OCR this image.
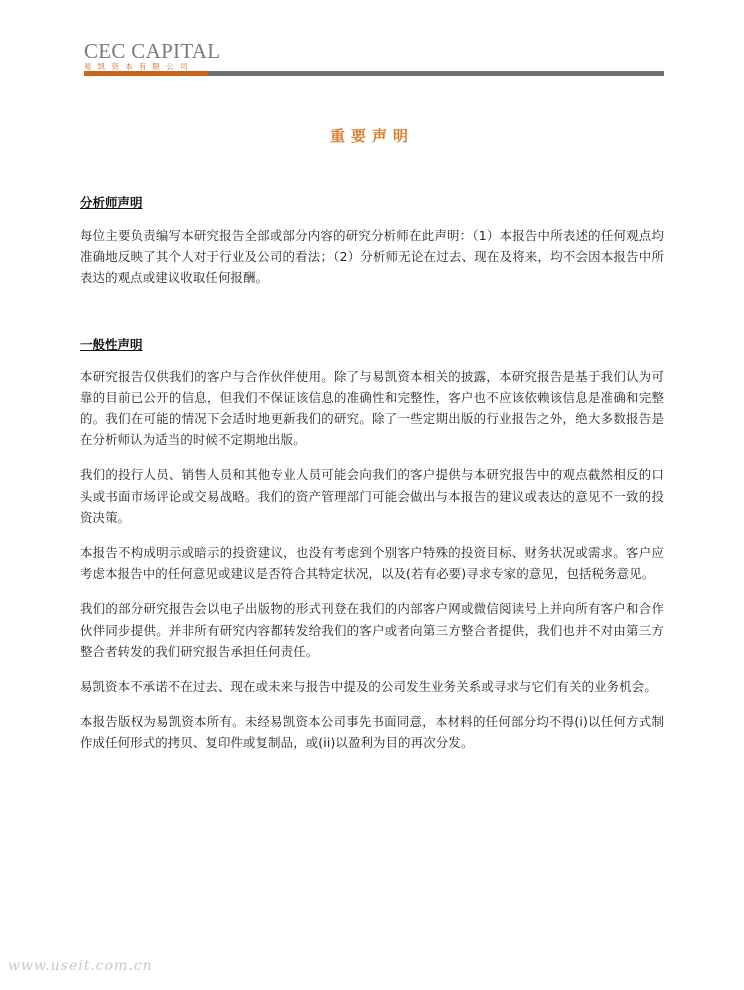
CEC CAPITAL
易凯资本有限公司
重要声明

分析师声明

每位主要负责编写本研究报告全部或部分内容的研究分析师在此声明：（1）本报告中所表述的任何观点均准确地反映了其个人对于行业及公司的看法；（2）分析师无论在过去、现在及将来，均不会因本报告中所表达的观点或建议收取任何报酬。

一般性声明

本研究报告仅供我们的客户与合作伙伴使用。除了与易凯资本相关的披露，本研究报告是基于我们认为可靠的目前已公开的信息，但我们不保证该信息的准确性和完整性，客户也不应该依赖该信息是准确和完整的。我们在可能的情况下会适时地更新我们的研究。除了一些定期出版的行业报告之外，绝大多数报告是在分析师认为适当的时候不定期地出版。

我们的投行人员、销售人员和其他专业人员可能会向我们的客户提供与本研究报告中的观点截然相反的口头或书面市场评论或交易战略。我们的资产管理部门可能会做出与本报告的建议或表达的意见不一致的投资决策。

本报告不构成明示或暗示的投资建议，也没有考虑到个别客户特殊的投资目标、财务状况或需求。客户应考虑本报告中的任何意见或建议是否符合其特定状况，以及(若有必要)寻求专家的意见，包括税务意见。

我们的部分研究报告会以电子出版物的形式刊登在我们的内部客户网或微信阅读号上并向所有客户和合作伙伴同步提供。并非所有研究内容都转发给我们的客户或者向第三方整合者提供，我们也并不对由第三方整合者转发的我们研究报告承担任何责任。

易凯资本不承诺不在过去、现在或未来与报告中提及的公司发生业务关系或寻求与它们有关的业务机会。

本报告版权为易凯资本所有。未经易凯资本公司事先书面同意，本材料的任何部分均不得(i)以任何方式制作成任何形式的拷贝、复印件或复制品，或(ii)以盈利为目的再次分发。

www.useit.com.cn
